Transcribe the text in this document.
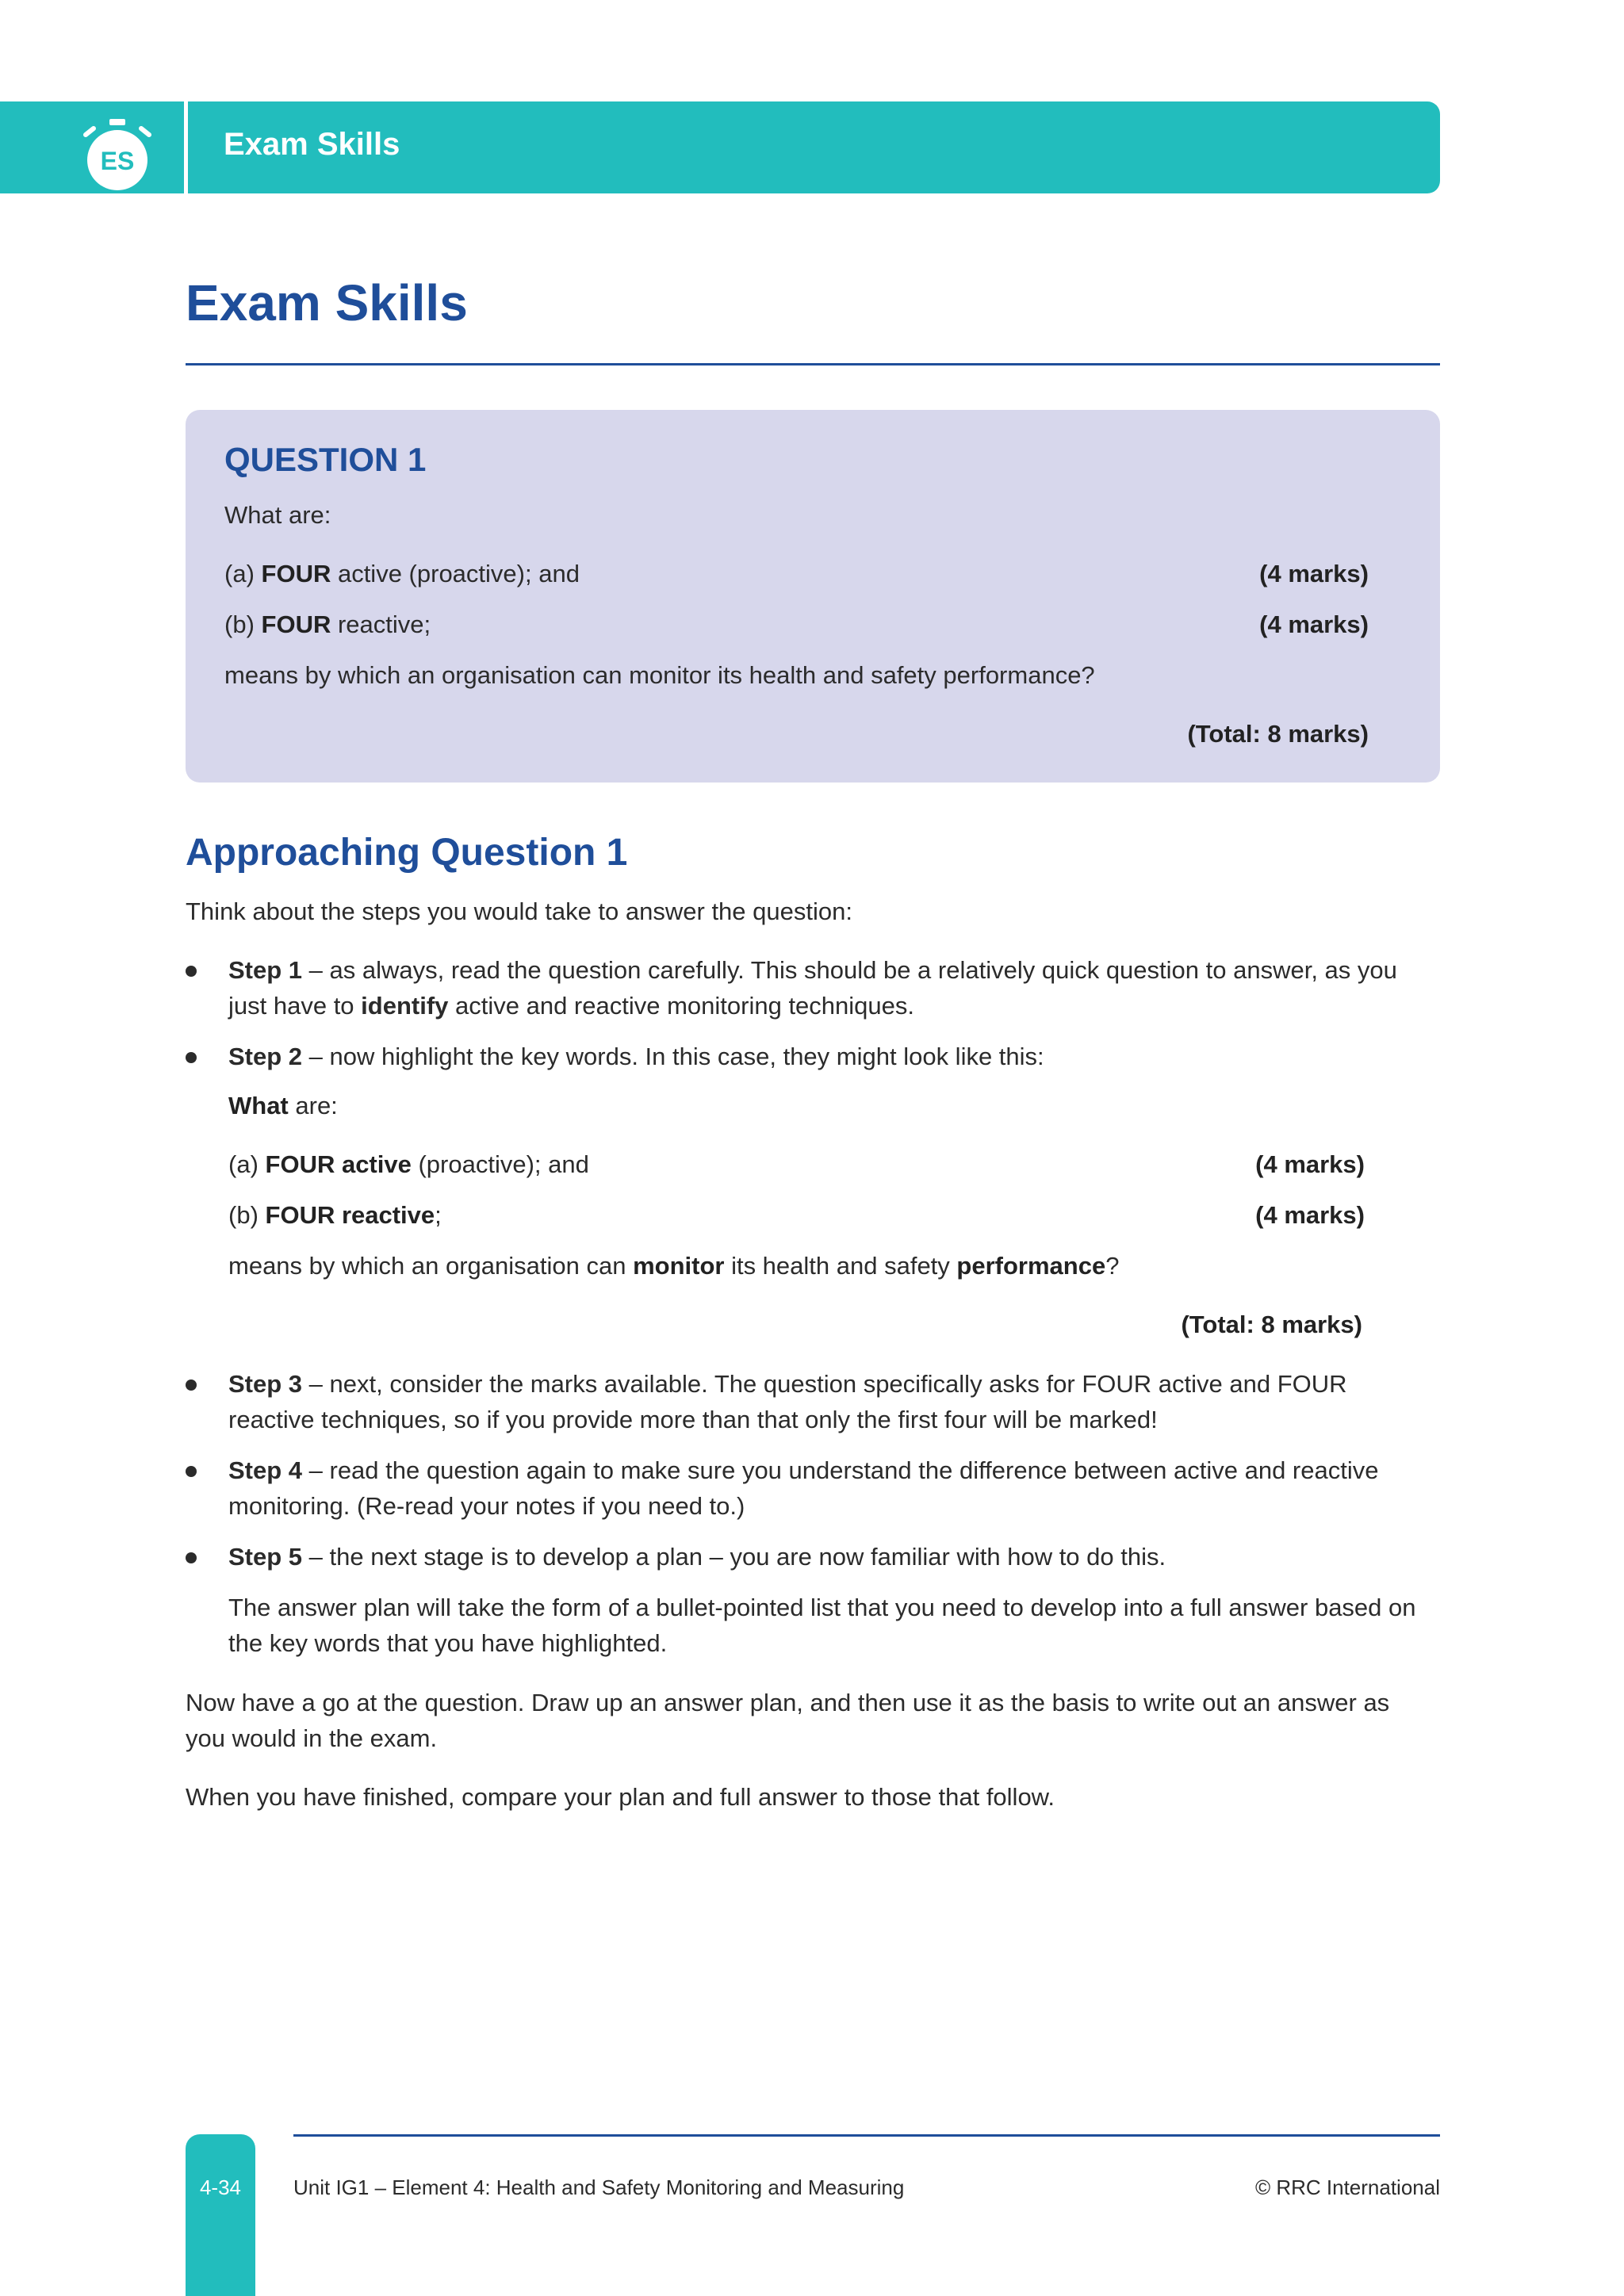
ES	Exam Skills
Exam Skills
QUESTION 1
What are:
(a) FOUR active (proactive); and	(4 marks)
(b) FOUR reactive;	(4 marks)
means by which an organisation can monitor its health and safety performance?
(Total: 8 marks)
Approaching Question 1
Think about the steps you would take to answer the question:
Step 1 – as always, read the question carefully. This should be a relatively quick question to answer, as you just have to identify active and reactive monitoring techniques.
Step 2 – now highlight the key words. In this case, they might look like this:
What are:
(a) FOUR active (proactive); and	(4 marks)
(b) FOUR reactive;	(4 marks)
means by which an organisation can monitor its health and safety performance?
(Total: 8 marks)
Step 3 – next, consider the marks available. The question specifically asks for FOUR active and FOUR reactive techniques, so if you provide more than that only the first four will be marked!
Step 4 – read the question again to make sure you understand the difference between active and reactive monitoring. (Re-read your notes if you need to.)
Step 5 – the next stage is to develop a plan – you are now familiar with how to do this.
The answer plan will take the form of a bullet-pointed list that you need to develop into a full answer based on the key words that you have highlighted.
Now have a go at the question. Draw up an answer plan, and then use it as the basis to write out an answer as you would in the exam.
When you have finished, compare your plan and full answer to those that follow.
4-34	Unit IG1 – Element 4: Health and Safety Monitoring and Measuring	© RRC International
